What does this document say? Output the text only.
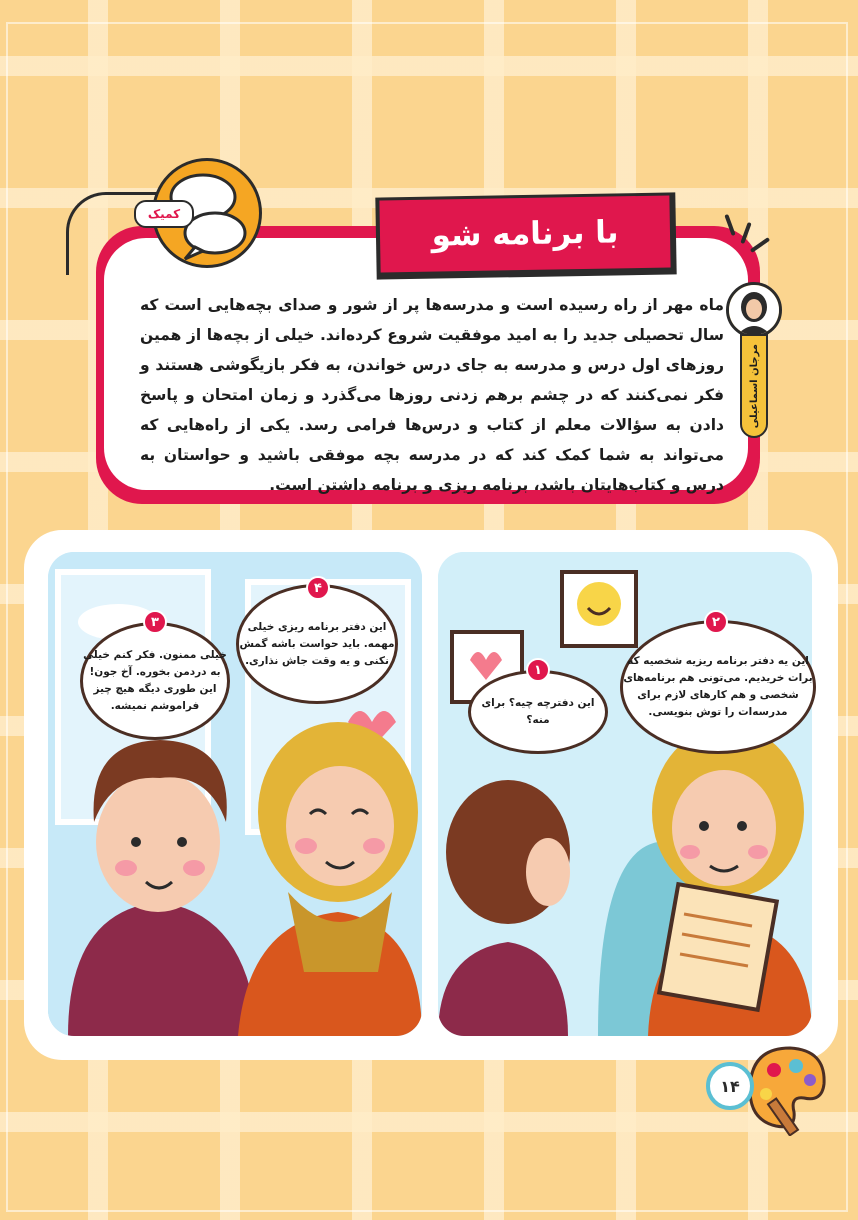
کمیک
با برنامه شو
ماه مهر از راه رسیده است و مدرسه‌ها پر از شور و صدای بچه‌هایی است که سال تحصیلی جدید را به امید موفقیت شروع کرده‌اند. خیلی از بچه‌ها از همین روزهای اول درس و مدرسه به جای درس خواندن، به فکر بازیگوشی هستند و فکر نمی‌کنند که در چشم برهم زدنی روزها می‌گذرد و زمان امتحان و پاسخ دادن به سؤالات معلم از کتاب و درس‌ها فرامی رسد. یکی از راه‌هایی که می‌تواند به شما کمک کند که در مدرسه بچه موفقی باشید و حواستان به درس و کتاب‌هایتان باشد، برنامه ریزی و برنامه داشتن است.
مرجان اسماعیلی
خیلی ممنون. فکر کنم خیلی به دردمن بخوره. آخ جون! این طوری دیگه هیچ چیز فراموشم نمیشه.
۳	این دفتر برنامه ریزی خیلی مهمه. باید حواست باشه گمش نکنی و یه وقت جاش نذاری.
۴
این دفترچه چیه؟ برای منه؟
۱
این یه دفتر برنامه ریزیه شخصیه که برات خریدیم. می‌تونی هم برنامه‌های شخصی و هم کارهای لازم برای مدرسه‌ات را توش بنویسی.
۲
۱۴
